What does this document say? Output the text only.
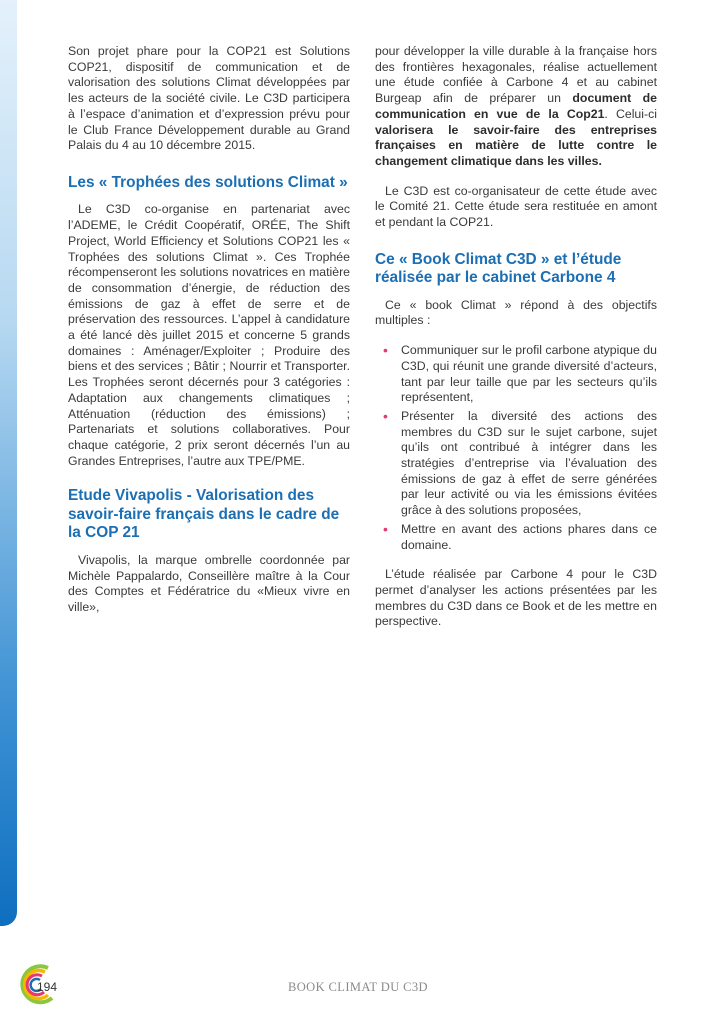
Son projet phare pour la COP21 est Solutions COP21, dispositif de communication et de valorisation des solutions Climat développées par les acteurs de la société civile. Le C3D participera à l’espace d’animation et d’expression prévu pour le Club France Développement durable au Grand Palais du 4 au 10 décembre 2015.

Les « Trophées des solutions Climat »

Le C3D co-organise en partenariat avec l’ADEME, le Crédit Coopératif, ORÉE, The Shift Project, World Efficiency et Solutions COP21 les « Trophées des solutions Climat ». Ces Trophée récompenseront les solutions novatrices en matière de consommation d’énergie, de réduction des émissions de gaz à effet de serre et de préservation des ressources. L’appel à candidature a été lancé dès juillet 2015 et concerne 5 grands domaines : Aménager/Exploiter ; Produire des biens et des services ; Bâtir ; Nourrir et Transporter. Les Trophées seront décernés pour 3 catégories : Adaptation aux changements climatiques ; Atténuation (réduction des émissions) ; Partenariats et solutions collaboratives. Pour chaque catégorie, 2 prix seront décernés l’un au Grandes Entreprises, l’autre aux TPE/PME.

Etude Vivapolis - Valorisation des savoir-faire français dans le cadre de la COP 21

Vivapolis, la marque ombrelle coordonnée par Michèle Pappalardo, Conseillère maître à la Cour des Comptes et Fédératrice du «Mieux vivre en ville»,

pour développer la ville durable à la française hors des frontières hexagonales, réalise actuellement une étude confiée à Carbone 4 et au cabinet Burgeap afin de préparer un document de communication en vue de la Cop21. Celui-ci valorisera le savoir-faire des entreprises françaises en matière de lutte contre le changement climatique dans les villes.

Le C3D est co-organisateur de cette étude avec le Comité 21. Cette étude sera restituée en amont et pendant la COP21.

Ce « Book Climat C3D » et l’étude réalisée par le cabinet Carbone 4

Ce « book Climat » répond à des objectifs multiples :

• Communiquer sur le profil carbone atypique du C3D, qui réunit une grande diversité d’acteurs, tant par leur taille que par les secteurs qu’ils représentent,
• Présenter la diversité des actions des membres du C3D sur le sujet carbone, sujet qu’ils ont contribué à intégrer dans les stratégies d’entreprise via l’évaluation des émissions de gaz à effet de serre générées par leur activité ou via les émissions évitées grâce à des solutions proposées,
• Mettre en avant des actions phares dans ce domaine.

L’étude réalisée par Carbone 4 pour le C3D permet d’analyser les actions présentées par les membres du C3D dans ce Book et de les mettre en perspective.

194	BOOK CLIMAT DU C3D
